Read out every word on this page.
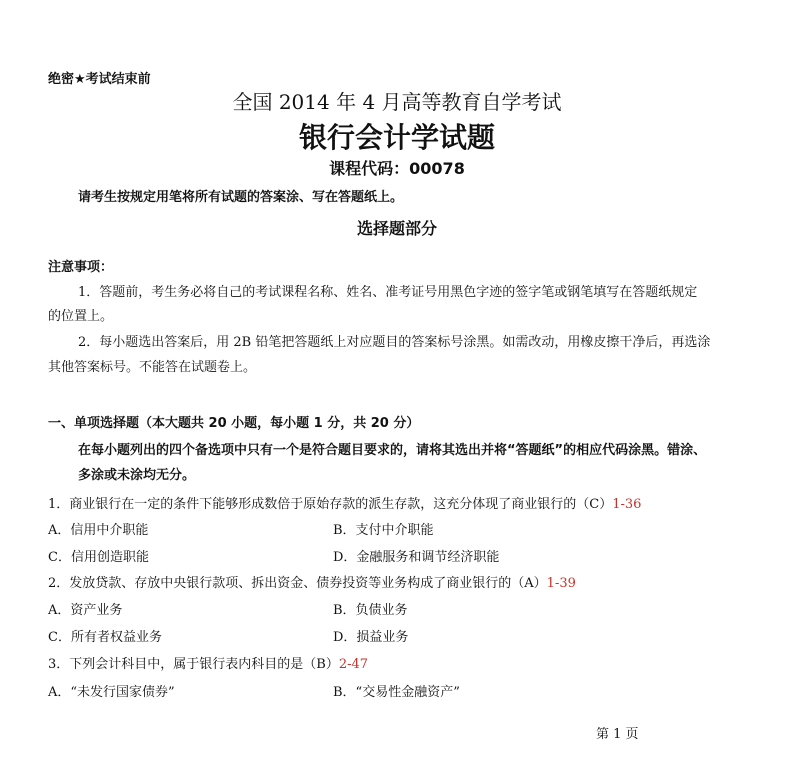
绝密★考试结束前
全国 2014 年 4 月高等教育自学考试
银行会计学试题
课程代码：00078
请考生按规定用笔将所有试题的答案涂、写在答题纸上。
选择题部分
注意事项：
1．答题前，考生务必将自己的考试课程名称、姓名、准考证号用黑色字迹的签字笔或钢笔填写在答题纸规定
的位置上。
2．每小题选出答案后，用 2B 铅笔把答题纸上对应题目的答案标号涂黑。如需改动，用橡皮擦干净后，再选涂
其他答案标号。不能答在试题卷上。
一、单项选择题（本大题共 20 小题，每小题 1 分，共 20 分）
在每小题列出的四个备选项中只有一个是符合题目要求的，请将其选出并将“答题纸”的相应代码涂黑。错涂、
多涂或未涂均无分。
1．商业银行在一定的条件下能够形成数倍于原始存款的派生存款，这充分体现了商业银行的（C）1-36
A．信用中介职能	B．支付中介职能
C．信用创造职能	D．金融服务和调节经济职能
2．发放贷款、存放中央银行款项、拆出资金、债券投资等业务构成了商业银行的（A）1-39
A．资产业务	B．负债业务
C．所有者权益业务	D．损益业务
3．下列会计科目中，属于银行表内科目的是（B）2-47
A．“未发行国家债券”	B．“交易性金融资产”
第 1 页
